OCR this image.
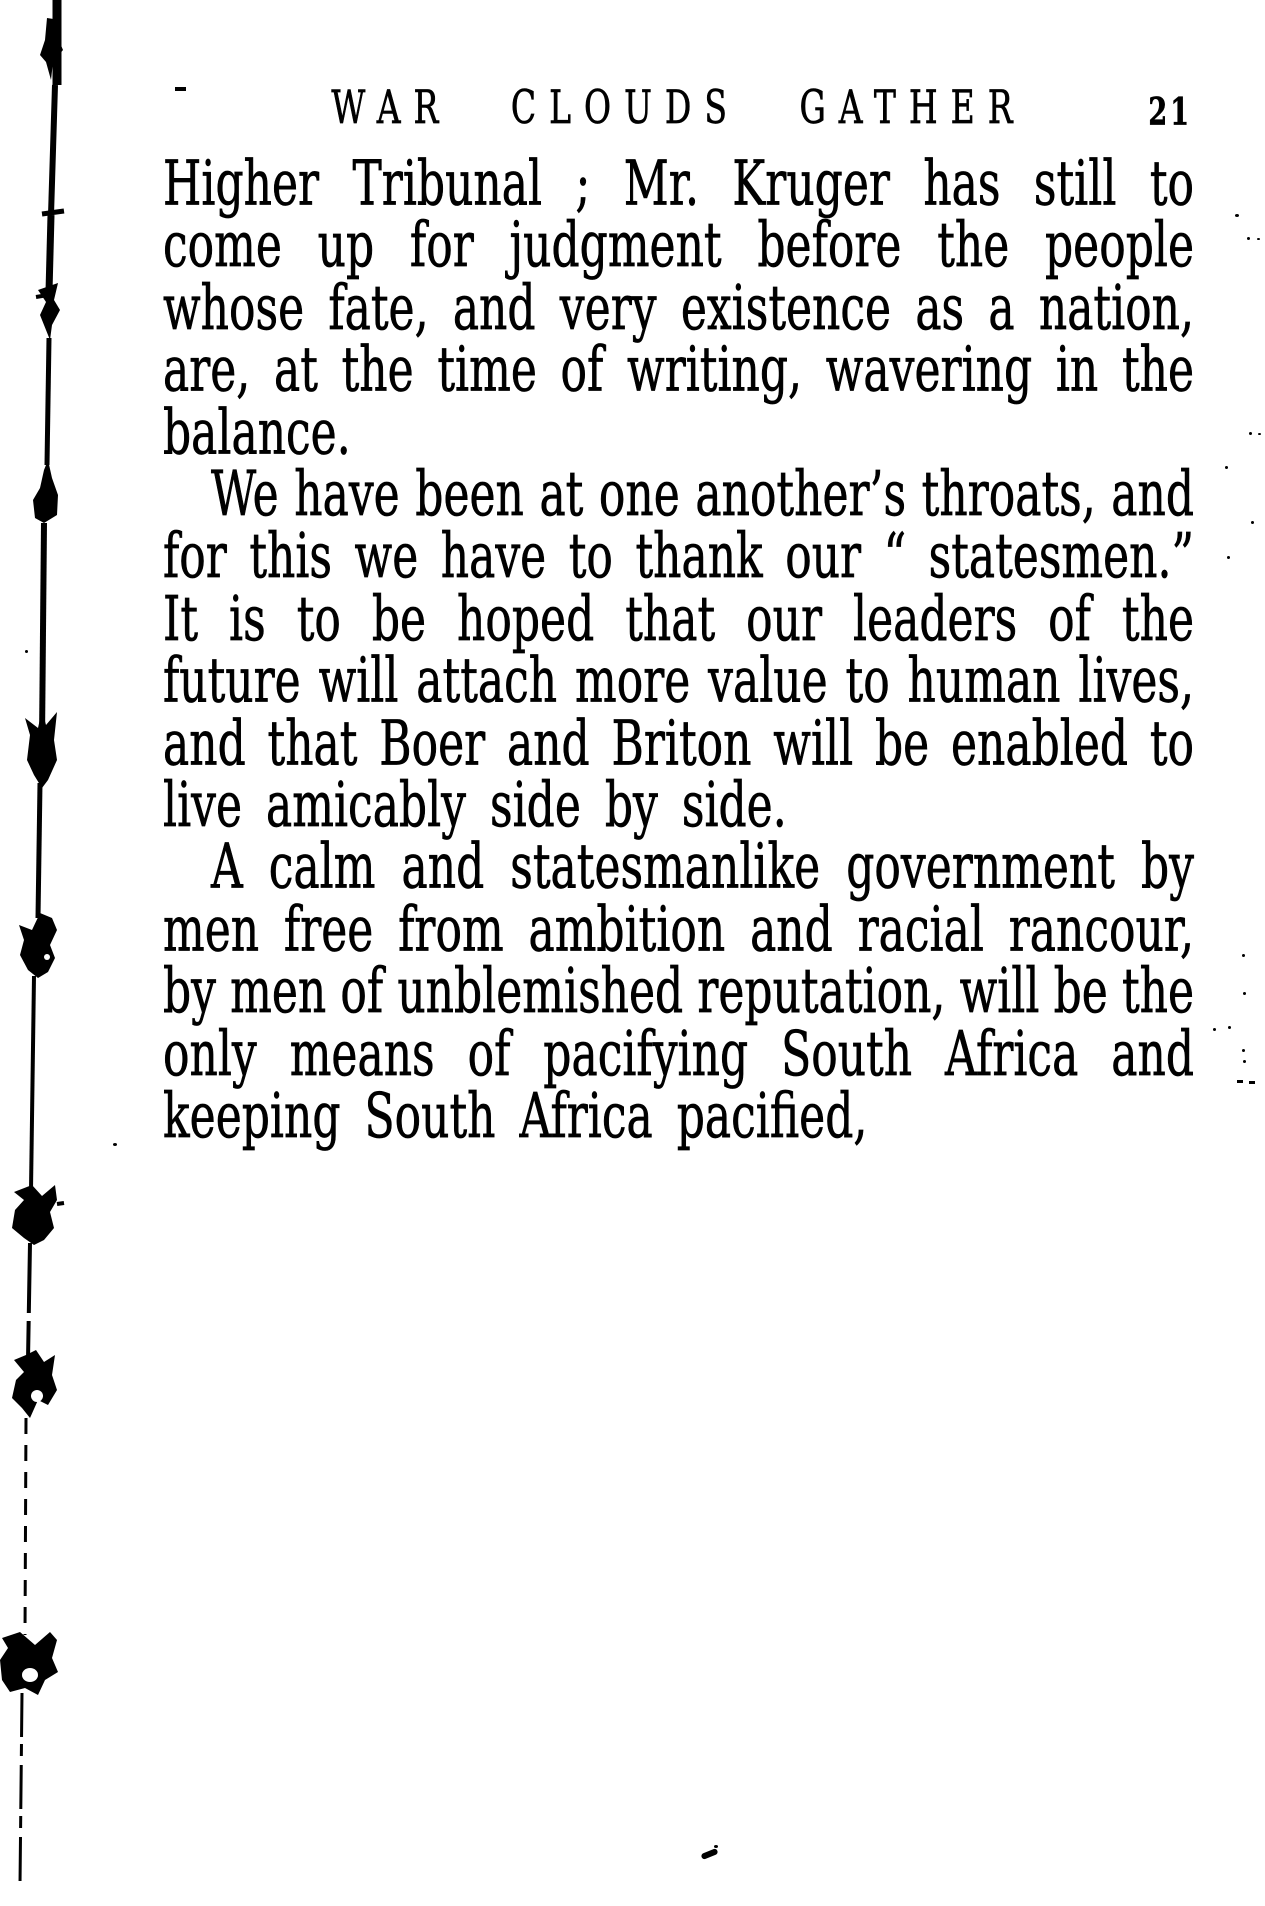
WAR CLOUDS GATHER	21
Higher Tribunal ; Mr. Kruger has still to
come up for judgment before the people
whose fate, and very existence as a nation,
are, at the time of writing, wavering in the
balance.
We have been at one another’s throats, and
for this we have to thank our “ statesmen.”
It is to be hoped that our leaders of the
future will attach more value to human lives,
and that Boer and Briton will be enabled to
live amicably side by side.
A calm and statesmanlike government by
men free from ambition and racial rancour,
by men of unblemished reputation, will be the
only means of pacifying South Africa and
keeping South Africa pacified,
